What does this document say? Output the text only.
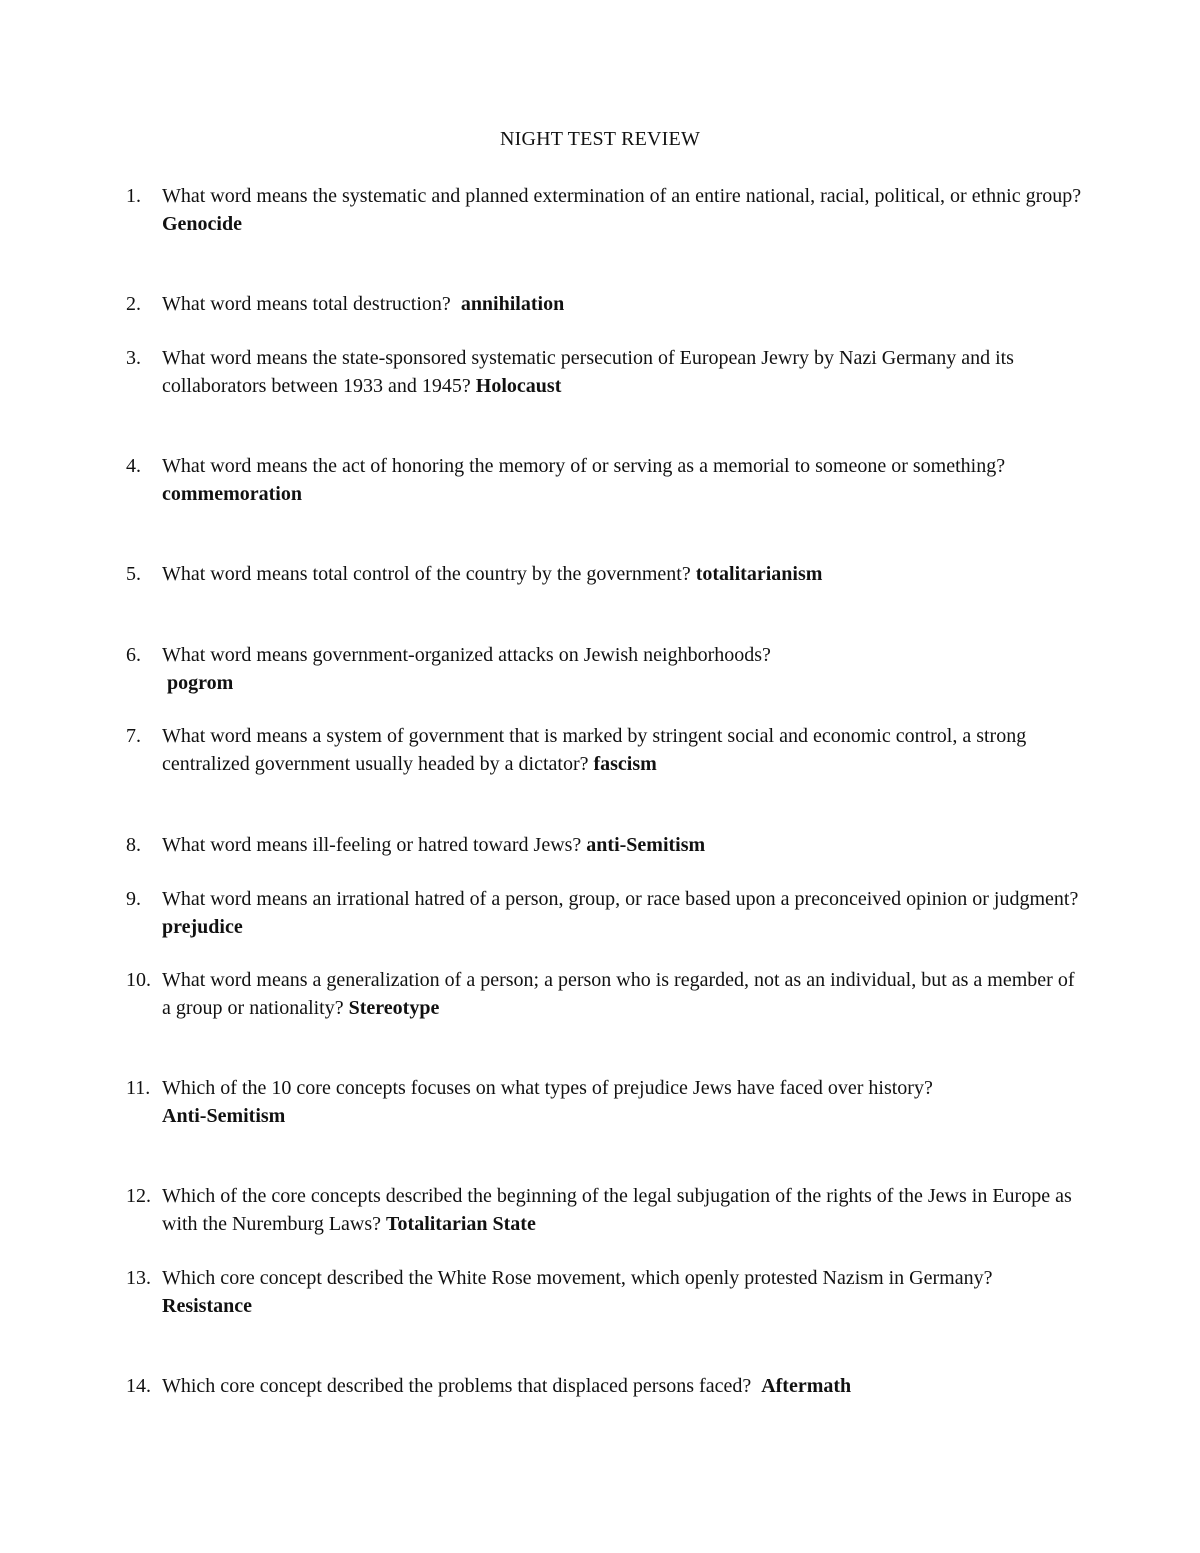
NIGHT TEST REVIEW
1.	What word means the systematic and planned extermination of an entire national, racial, political, or ethnic group? Genocide
2.	What word means total destruction? annihilation
3.	What word means the state-sponsored systematic persecution of European Jewry by Nazi Germany and its collaborators between 1933 and 1945? Holocaust
4.	What word means the act of honoring the memory of or serving as a memorial to someone or something? commemoration
5.	What word means total control of the country by the government? totalitarianism
6.	What word means government-organized attacks on Jewish neighborhoods?
pogrom
7.	What word means a system of government that is marked by stringent social and economic control, a strong centralized government usually headed by a dictator? fascism
8.	What word means ill-feeling or hatred toward Jews? anti-Semitism
9.	What word means an irrational hatred of a person, group, or race based upon a preconceived opinion or judgment? prejudice
10. What word means a generalization of a person; a person who is regarded, not as an individual, but as a member of a group or nationality? Stereotype
11. Which of the 10 core concepts focuses on what types of prejudice Jews have faced over history?
Anti-Semitism
12. Which of the core concepts described the beginning of the legal subjugation of the rights of the Jews in Europe as with the Nuremburg Laws? Totalitarian State
13. Which core concept described the White Rose movement, which openly protested Nazism in Germany? Resistance
14. Which core concept described the problems that displaced persons faced? Aftermath
